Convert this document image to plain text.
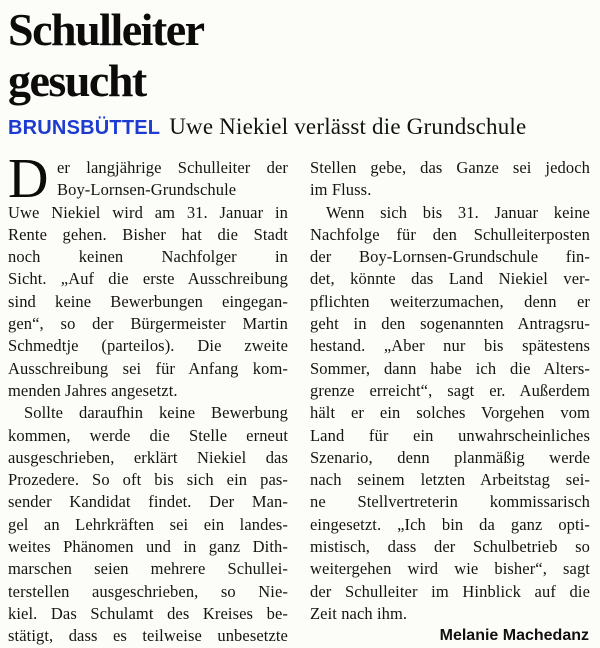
Schulleiter
gesucht
BRUNSBÜTTEL Uwe Niekiel verlässt die Grundschule
D er langjährige Schulleiter der
Boy-Lornsen-Grundschule
Uwe Niekiel wird am 31. Januar in
Rente gehen. Bisher hat die Stadt
noch keinen Nachfolger in
Sicht. „Auf die erste Ausschreibung
sind keine Bewerbungen eingegan-
gen“, so der Bürgermeister Martin
Schmedtje (parteilos). Die zweite
Ausschreibung sei für Anfang kom-
menden Jahres angesetzt.
Sollte daraufhin keine Bewerbung
kommen, werde die Stelle erneut
ausgeschrieben, erklärt Niekiel das
Prozedere. So oft bis sich ein pas-
sender Kandidat findet. Der Man-
gel an Lehrkräften sei ein landes-
weites Phänomen und in ganz Dith-
marschen seien mehrere Schullei-
terstellen ausgeschrieben, so Nie-
kiel. Das Schulamt des Kreises be-
stätigt, dass es teilweise unbesetzte
Stellen gebe, das Ganze sei jedoch
im Fluss.
Wenn sich bis 31. Januar keine
Nachfolge für den Schulleiterposten
der Boy-Lornsen-Grundschule fin-
det, könnte das Land Niekiel ver-
pflichten weiterzumachen, denn er
geht in den sogenannten Antragsru-
hestand. „Aber nur bis spätestens
Sommer, dann habe ich die Alters-
grenze erreicht“, sagt er. Außerdem
hält er ein solches Vorgehen vom
Land für ein unwahrscheinliches
Szenario, denn planmäßig werde
nach seinem letzten Arbeitstag sei-
ne Stellvertreterin kommissarisch
eingesetzt. „Ich bin da ganz opti-
mistisch, dass der Schulbetrieb so
weitergehen wird wie bisher“, sagt
der Schulleiter im Hinblick auf die
Zeit nach ihm.
Melanie Machedanz
